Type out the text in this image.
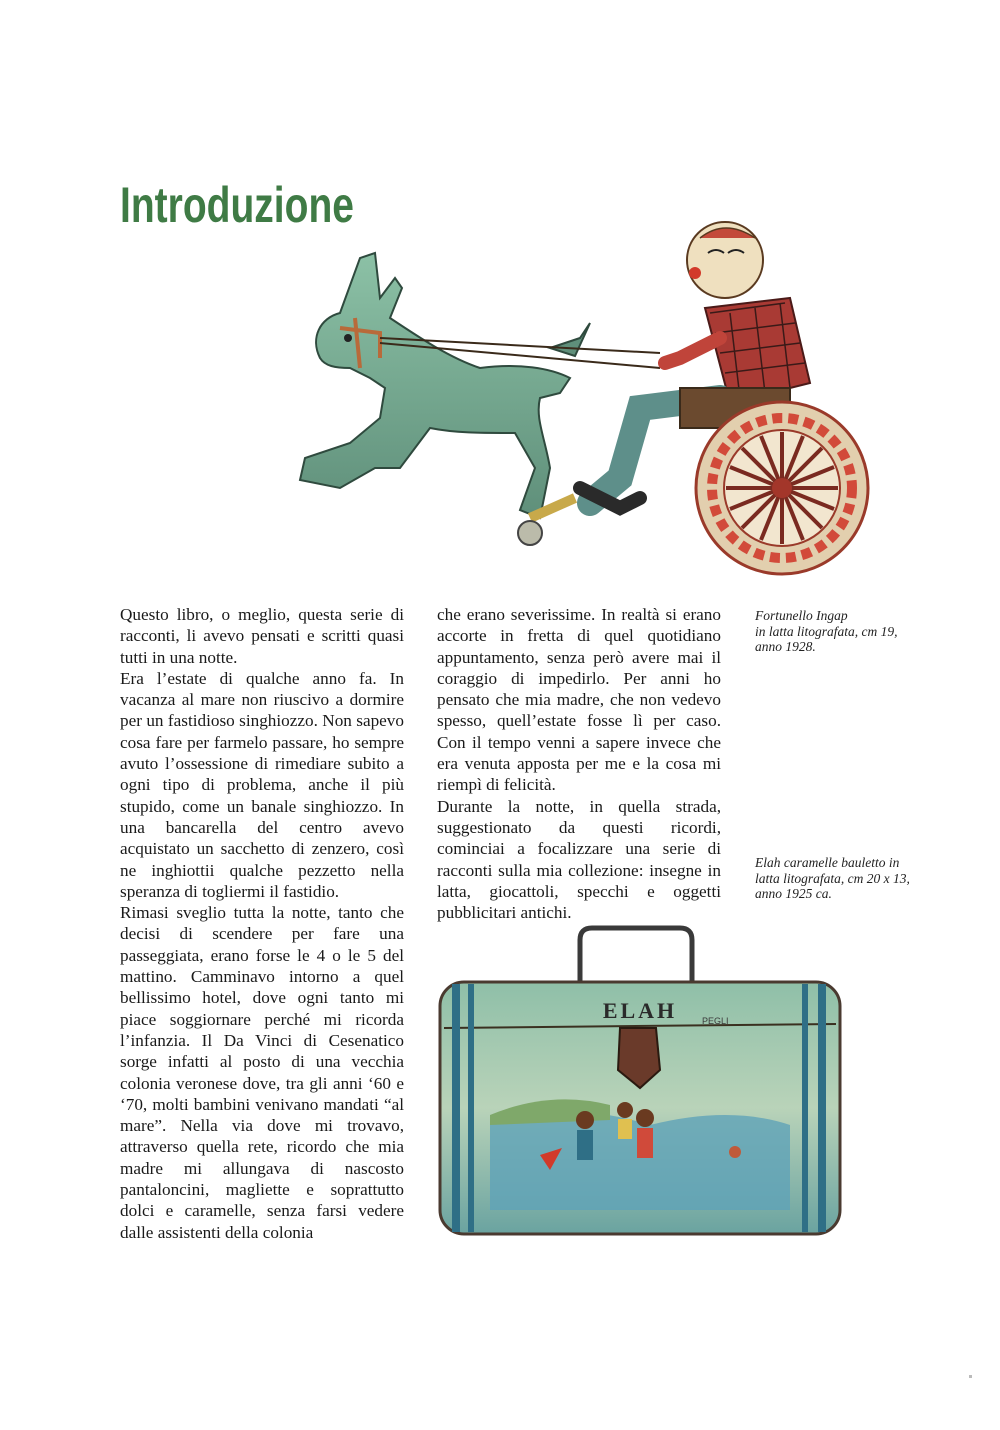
Introduzione

Questo libro, o meglio, questa serie di racconti, li avevo pensati e scritti quasi tutti in una notte.

Era l’estate di qualche anno fa. In vacanza al mare non riuscivo a dormire per un fastidioso singhiozzo. Non sapevo cosa fare per farmelo passare, ho sempre avuto l’ossessione di rimediare subito a ogni tipo di problema, anche il più stupido, come un banale singhiozzo. In una bancarella del centro avevo acquistato un sacchetto di zenzero, così ne inghiottii qualche pezzetto nella speranza di togliermi il fastidio.

Rimasi sveglio tutta la notte, tanto che decisi di scendere per fare una passeggiata, erano forse le 4 o le 5 del mattino. Camminavo intorno a quel bellissimo hotel, dove ogni tanto mi piace soggiornare perché mi ricorda l’infanzia. Il Da Vinci di Cesenatico sorge infatti al posto di una vecchia colonia veronese dove, tra gli anni ‘60 e ‘70, molti bambini venivano mandati “al mare”. Nella via dove mi trovavo, attraverso quella rete, ricordo che mia madre mi allungava di nascosto pantaloncini, magliette e soprattutto dolci e caramelle, senza farsi vedere dalle assistenti della colonia

che erano severissime. In realtà si erano accorte in fretta di quel quotidiano appuntamento, senza però avere mai il coraggio di impedirlo. Per anni ho pensato che mia madre, che non vedevo spesso, quell’estate fosse lì per caso. Con il tempo venni a sapere invece che era venuta apposta per me e la cosa mi riempì di felicità.

Durante la notte, in quella strada, suggestionato da questi ricordi, cominciai a focalizzare una serie di racconti sulla mia collezione: insegne in latta, giocattoli, specchi e oggetti pubblicitari antichi.

Fortunello Ingap
in latta litografata, cm 19,
anno 1928.
Elah caramelle bauletto in
latta litografata, cm 20 x 13,
anno 1925 ca.
ELAH	PEGLI
